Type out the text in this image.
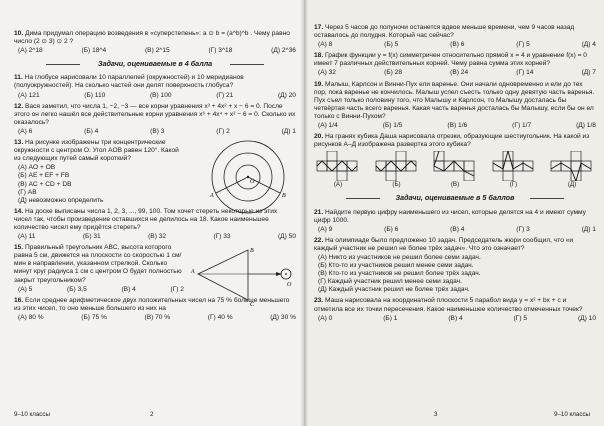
10. Дима придумал операцию возведения в «суперстепень»: a ⊙ b = (a^b)^b . Чему равно число (2 ⊙ 3) ⊙ 2 ?
(А) 2^18	(Б) 18^4	(В) 2^15	(Г) 3^18	(Д) 2^36
Задачи, оцениваемые в 4 балла
11. На глобусе нарисовали 10 параллелей (окружностей) и 10 меридианов (полуокружностей). На сколько частей они делят поверхность глобуса?
(А) 121	(Б) 110	(В) 100	(Г) 21	(Д) 20
12. Вася заметил, что числа 1, −2, −3 — все корни уравнения x³ + 4x² + x − 6 = 0. После этого он легко нашёл все действительные корни уравнения x⁶ + 4x⁴ + x² − 6 = 0. Сколько их оказалось?
(А) 6	(Б) 4	(В) 3	(Г) 2	(Д) 1
13. На рисунке изображены три концентрические окружности с центром O. Угол AOB равен 120°. Какой из следующих путей самый короткий?
(А) AO + OB
(Б) AE + EF + FB
(В) AC + CD + DB
(Г) AB
(Д) невозможно определить
O
A	B
14. На доске выписаны числа 1, 2, 3, ..., 99, 100. Том хочет стереть некоторые из этих чисел так, чтобы произведение оставшихся не делилось на 18. Какое наименьшее количество чисел ему придётся стереть?
(А) 11	(Б) 31	(В) 32	(Г) 33	(Д) 50
15. Правильный треугольник ABC, высота которого равна 5 см, движется на плоскости со скоростью 1 см/мин в направлении, указанном стрелкой. Сколько минут круг радиуса 1 см с центром O будет полностью закрыт треугольником?
(А) 5	(Б) 3,5	(В) 4	(Г) 2
A
B
C
O
16. Если среднее арифметическое двух положительных чисел на 75 % больше меньшего из этих чисел, то оно меньше большего из них на
(А) 80 %	(Б) 75 %	(В) 70 %	(Г) 40 %	(Д) 30 %
9–10 классы	2
17. Через 5 часов до полуночи останется вдвое меньше времени, чем 9 часов назад оставалось до полудня. Который час сейчас?
(А) 8	(Б) 5	(В) 6	(Г) 5	(Д) 4
18. График функции y = f(x) симметричен относительно прямой x = 4 и уравнение f(x) = 0 имеет 7 различных действительных корней. Чему равна сумма этих корней?
(А) 32	(Б) 28	(В) 24	(Г) 14	(Д) 7
19. Малыш, Карлсон и Винни-Пух ели варенье. Они начали одновременно и ели до тех пор, пока варенье не кончилось. Малыш успел съесть только одну девятую часть варенья. Пух съел только половину того, что Малышу и Карлсон, то Малышу досталась бы четвёртая часть всего варенья. Какая часть варенья досталась бы Малышу, если бы он ел только с Винни-Пухом?
(А) 1/4	(Б) 1/5	(В) 1/6	(Г) 1/7	(Д) 1/8
20. На гранях кубика Даша нарисовала отрезки, образующие шестиугольник. На какой из рисунков А–Д изображена развертка этого кубика?
(А)	(Б)	(В)	(Г)	(Д)
Задачи, оцениваемые в 5 баллов
21. Найдите первую цифру наименьшего из чисел, которые делятся на 4 и имеют сумму цифр 1000.
(А) 9	(Б) 6	(В) 4	(Г) 3	(Д) 1
22. На олимпиаде было предложено 10 задач. Председатель жюри сообщил, что «и каждый участник не решил не более трёх задач». Что это означает?
(А) Никто из участников не решил более семи задач.
(Б) Кто-то из участников решил менее семи задач.
(В) Кто-то из участников не решил более трёх задач.
(Г) Каждый участник решил менее семи задач.
(Д) Каждый участник решил не более трёх задач.
23. Маша нарисовала на координатной плоскости 5 парабол вида y = x² + bx + c и отметила все их точки пересечения. Какое наименьшее количество отмеченных точек?
(А) 0	(Б) 1	(В) 4	(Г) 5	(Д) 10
3	9–10 классы
